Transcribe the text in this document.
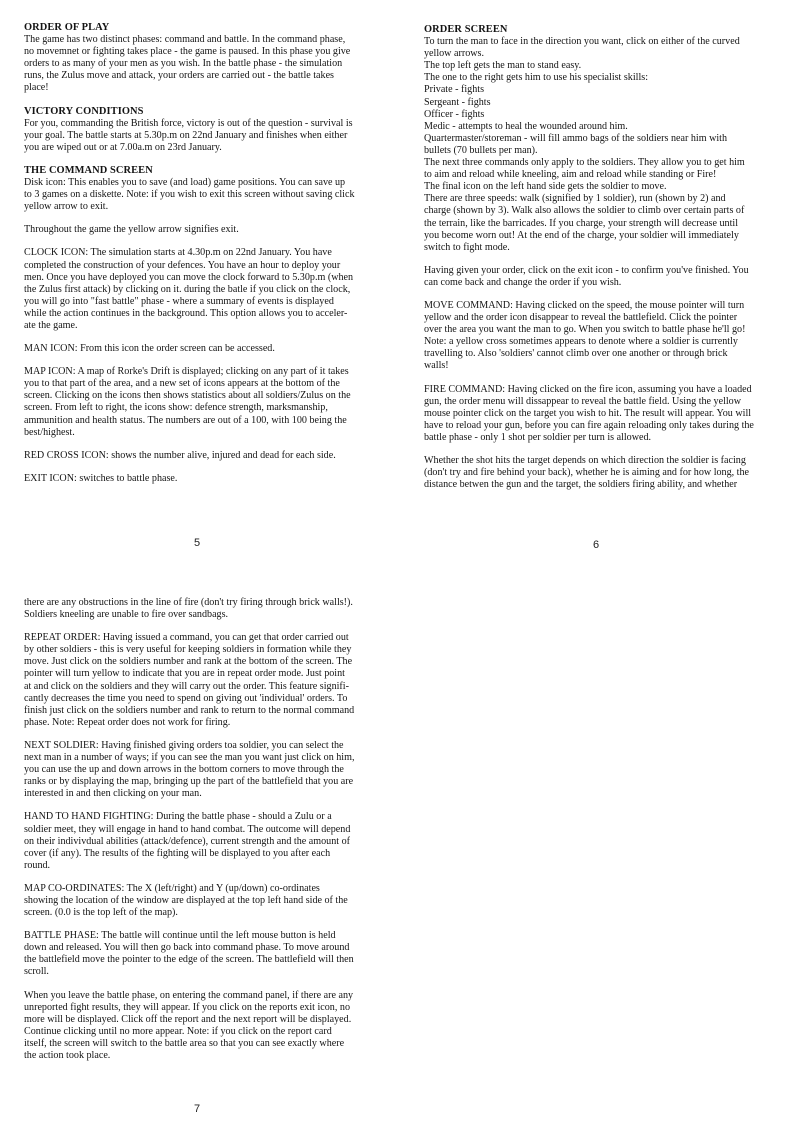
ORDER OF PLAY
The game has two distinct phases: command and battle. In the command phase,
no movemnet or fighting takes place - the game is paused. In this phase you give
orders to as many of your men as you wish. In the battle phase - the simulation
runs, the Zulus move and attack, your orders are carried out - the battle takes
place!
VICTORY CONDITIONS
For you, commanding the British force, victory is out of the question - survival is
your goal. The battle starts at 5.30p.m on 22nd January and finishes when either
you are wiped out or at 7.00a.m on 23rd January.
THE COMMAND SCREEN
Disk icon: This enables you to save (and load) game positions. You can save up
to 3 games on a diskette. Note: if you wish to exit this screen without saving click
yellow arrow to exit.
Throughout the game the yellow arrow signifies exit.
CLOCK ICON: The simulation starts at 4.30p.m on 22nd January. You have
completed the construction of your defences. You have an hour to deploy your
men. Once you have deployed you can move the clock forward to 5.30p.m (when
the Zulus first attack) by clicking on it. during the batle if you click on the clock,
you will go into "fast battle" phase - where a summary of events is displayed
while the action continues in the background. This option allows you to acceler-
ate the game.
MAN ICON: From this icon the order screen can be accessed.
MAP ICON: A map of Rorke's Drift is displayed; clicking on any part of it takes
you to that part of the area, and a new set of icons appears at the bottom of the
screen. Clicking on the icons then shows statistics about all soldiers/Zulus on the
screen. From left to right, the icons show: defence strength, marksmanship,
ammunition and health status. The numbers are out of a 100, with 100 being the
best/highest.
RED CROSS ICON: shows the number alive, injured and dead for each side.
EXIT ICON: switches to battle phase.
5
ORDER SCREEN
To turn the man to face in the direction you want, click on either of the curved
yellow arrows.
The top left gets the man to stand easy.
The one to the right gets him to use his specialist skills:
Private - fights
Sergeant - fights
Officer - fights
Medic - attempts to heal the wounded around him.
Quartermaster/storeman - will fill ammo bags of the soldiers near him with
bullets (70 bullets per man).
The next three commands only apply to the soldiers. They allow you to get him
to aim and reload while kneeling, aim and reload while standing or Fire!
The final icon on the left hand side gets the soldier to move.
There are three speeds: walk (signified by 1 soldier), run (shown by 2) and
charge (shown by 3). Walk also allows the soldier to climb over certain parts of
the terrain, like the barricades. If you charge, your strength will decrease until
you become worn out! At the end of the charge, your soldier will immediately
switch to fight mode.
Having given your order, click on the exit icon - to confirm you've finished. You
can come back and change the order if you wish.
MOVE COMMAND: Having clicked on the speed, the mouse pointer will turn
yellow and the order icon disappear to reveal the battlefield. Click the pointer
over the area you want the man to go. When you switch to battle phase he'll go!
Note: a yellow cross sometimes appears to denote where a soldier is currently
travelling to. Also 'soldiers' cannot climb over one another or through brick
walls!
FIRE COMMAND: Having clicked on the fire icon, assuming you have a loaded
gun, the order menu will dissappear to reveal the battle field. Using the yellow
mouse pointer click on the target you wish to hit. The result will appear. You will
have to reload your gun, before you can fire again reloading only takes during the
battle phase - only 1 shot per soldier per turn is allowed.
Whether the shot hits the target depends on which direction the soldier is facing
(don't try and fire behind your back), whether he is aiming and for how long, the
distance betwen the gun and the target, the soldiers firing ability, and whether
6
there are any obstructions in the line of fire (don't try firing through brick walls!).
Soldiers kneeling are unable to fire over sandbags.
REPEAT ORDER: Having issued a command, you can get that order carried out
by other soldiers - this is very useful for keeping soldiers in formation while they
move. Just click on the soldiers number and rank at the bottom of the screen. The
pointer will turn yellow to indicate that you are in repeat order mode. Just point
at and click on the soldiers and they will carry out the order. This feature signifi-
cantly decreases the time you need to spend on giving out 'individual' orders. To
finish just click on the soldiers number and rank to return to the normal command
phase. Note: Repeat order does not work for firing.
NEXT SOLDIER: Having finished giving orders toa soldier, you can select the
next man in a number of ways; if you can see the man you want just click on him,
you can use the up and down arrows in the bottom corners to move through the
ranks or by displaying the map, bringing up the part of the battlefield that you are
interested in and then clicking on your man.
HAND TO HAND FIGHTING: During the battle phase - should a Zulu or a
soldier meet, they will engage in hand to hand combat. The outcome will depend
on their indivivdual abilities (attack/defence), current strength and the amount of
cover (if any). The results of the fighting will be displayed to you after each
round.
MAP CO-ORDINATES: The X (left/right) and Y (up/down) co-ordinates
showing the location of the window are displayed at the top left hand side of the
screen. (0.0 is the top left of the map).
BATTLE PHASE: The battle will continue until the left mouse button is held
down and released. You will then go back into command phase. To move around
the battlefield move the pointer to the edge of the screen. The battlefield will then
scroll.
When you leave the battle phase, on entering the command panel, if there are any
unreported fight results, they will appear. If you click on the reports exit icon, no
more will be displayed. Click off the report and the next report will be displayed.
Continue clicking until no more appear. Note: if you click on the report card
itself, the screen will switch to the battle area so that you can see exactly where
the action took place.
7
